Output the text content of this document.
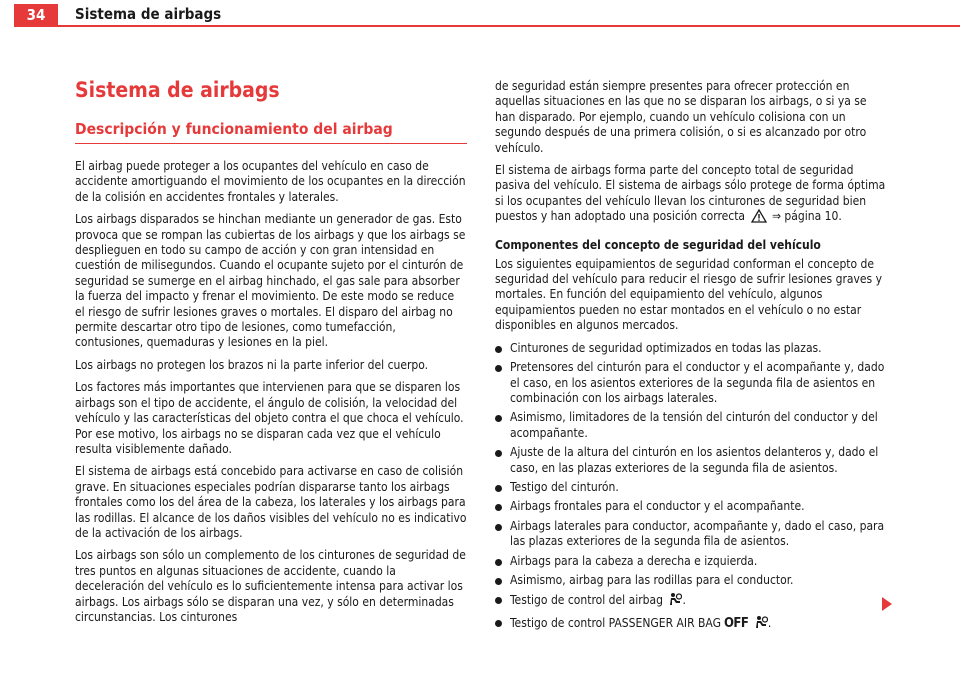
34	Sistema de airbags
Sistema de airbags
Descripción y funcionamiento del airbag

El airbag puede proteger a los ocupantes del vehículo en caso de accidente amortiguando el movimiento de los ocupantes en la dirección de la colisión en accidentes frontales y laterales.

Los airbags disparados se hinchan mediante un generador de gas. Esto provoca que se rompan las cubiertas de los airbags y que los airbags se desplieguen en todo su campo de acción y con gran intensidad en cuestión de milisegundos. Cuando el ocupante sujeto por el cinturón de seguridad se sumerge en el airbag hinchado, el gas sale para absorber la fuerza del impacto y frenar el movimiento. De este modo se reduce el riesgo de sufrir lesiones graves o mortales. El disparo del airbag no permite descartar otro tipo de lesiones, como tumefacción, contusiones, quemaduras y lesiones en la piel.

Los airbags no protegen los brazos ni la parte inferior del cuerpo.

Los factores más importantes que intervienen para que se disparen los airbags son el tipo de accidente, el ángulo de colisión, la velocidad del vehículo y las características del objeto contra el que choca el vehículo. Por ese motivo, los airbags no se disparan cada vez que el vehículo resulta visiblemente dañado.

El sistema de airbags está concebido para activarse en caso de colisión grave. En situaciones especiales podrían dispararse tanto los airbags frontales como los del área de la cabeza, los laterales y los airbags para las rodillas. El alcance de los daños visibles del vehículo no es indicativo de la activación de los airbags.

Los airbags son sólo un complemento de los cinturones de seguridad de tres puntos en algunas situaciones de accidente, cuando la deceleración del vehículo es lo suficientemente intensa para activar los airbags. Los airbags sólo se disparan una vez, y sólo en determinadas circunstancias. Los cinturones

de seguridad están siempre presentes para ofrecer protección en aquellas situaciones en las que no se disparan los airbags, o si ya se han disparado. Por ejemplo, cuando un vehículo colisiona con un segundo después de una primera colisión, o si es alcanzado por otro vehículo.

El sistema de airbags forma parte del concepto total de seguridad pasiva del vehículo. El sistema de airbags sólo protege de forma óptima si los ocupantes del vehículo llevan los cinturones de seguridad bien puestos y han adoptado una posición correcta ⇒ página 10.

Componentes del concepto de seguridad del vehículo

Los siguientes equipamientos de seguridad conforman el concepto de seguridad del vehículo para reducir el riesgo de sufrir lesiones graves y mortales. En función del equipamiento del vehículo, algunos equipamientos pueden no estar montados en el vehículo o no estar disponibles en algunos mercados.

Cinturones de seguridad optimizados en todas las plazas.
Pretensores del cinturón para el conductor y el acompañante y, dado el caso, en los asientos exteriores de la segunda fila de asientos en combinación con los airbags laterales.
Asimismo, limitadores de la tensión del cinturón del conductor y del acompañante.
Ajuste de la altura del cinturón en los asientos delanteros y, dado el caso, en las plazas exteriores de la segunda fila de asientos.
Testigo del cinturón.
Airbags frontales para el conductor y el acompañante.
Airbags laterales para conductor, acompañante y, dado el caso, para las plazas exteriores de la segunda fila de asientos.
Airbags para la cabeza a derecha e izquierda.
Asimismo, airbag para las rodillas para el conductor.
Testigo de control del airbag .
Testigo de control PASSENGER AIR BAG OFF .
